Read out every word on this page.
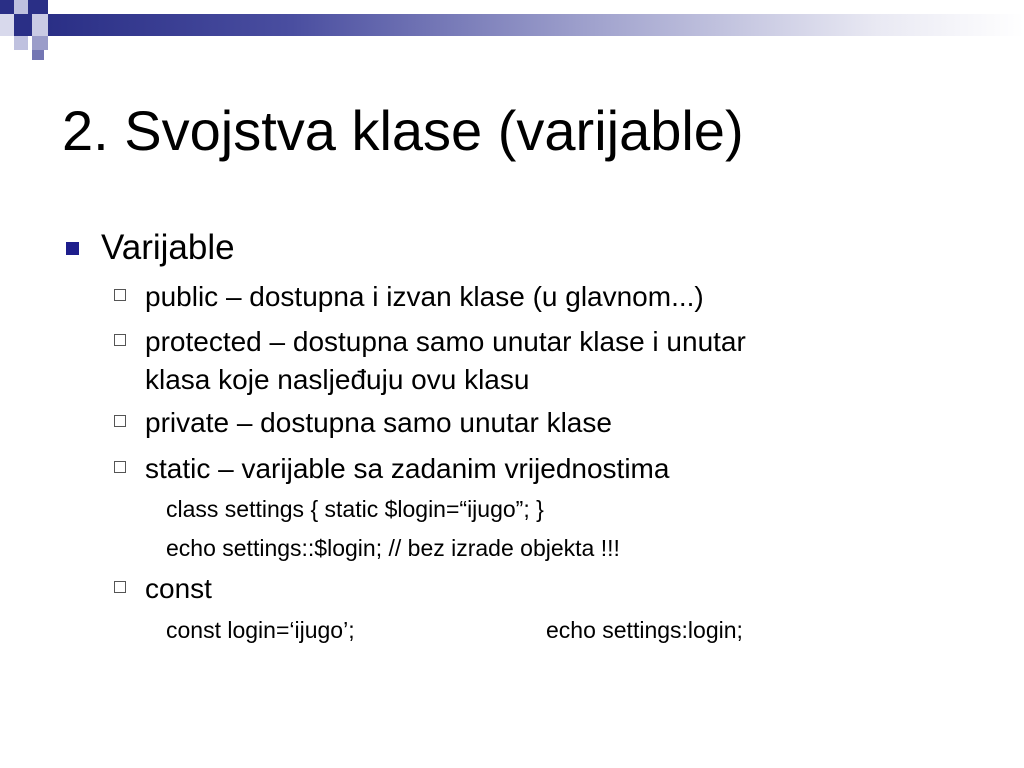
2. Svojstva klase (varijable)
Varijable
public – dostupna i izvan klase (u glavnom...)
protected – dostupna samo unutar klase i unutar
klasa koje nasljeđuju ovu klasu
private – dostupna samo unutar klase
static – varijable sa zadanim vrijednostima
class settings { static $login=“ijugo”; }
echo settings::$login; // bez izrade objekta !!!
const
const login=‘ijugo’;	echo settings:login;
